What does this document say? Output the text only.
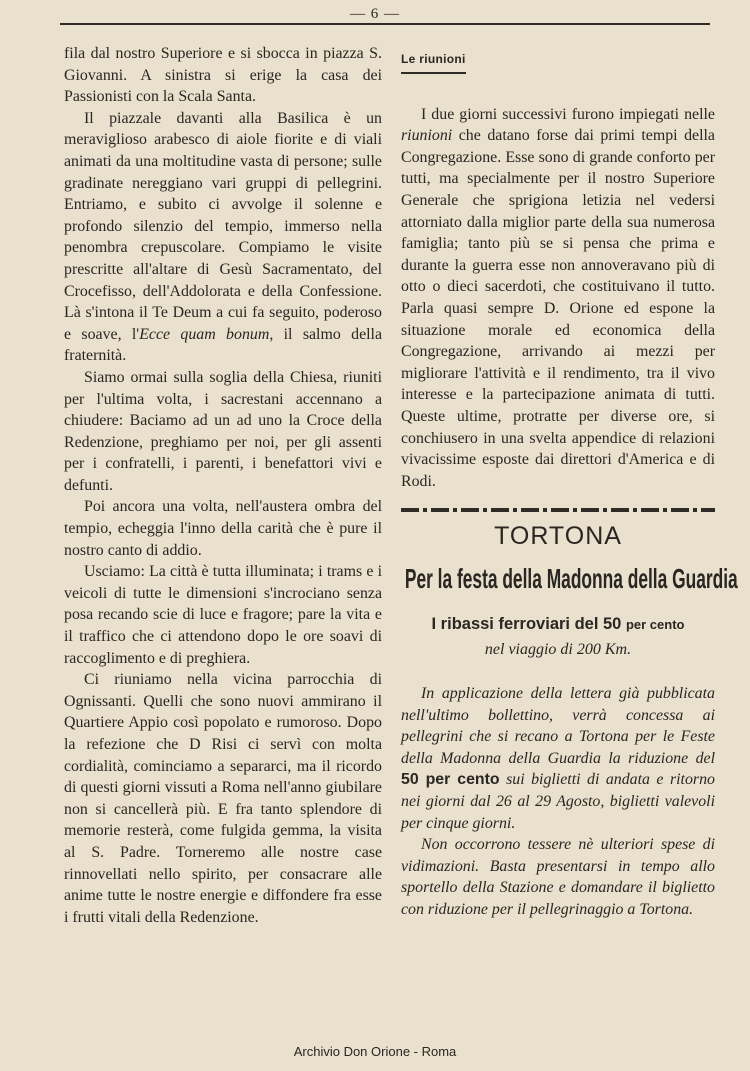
— 6 —

fila dal nostro Superiore e si sbocca in piazza S. Giovanni. A sinistra si erige la casa dei Passionisti con la Scala Santa.

Il piazzale davanti alla Basilica è un meraviglioso arabesco di aiole fiorite e di viali animati da una moltitudine vasta di persone; sulle gradinate nereggiano vari gruppi di pellegrini. Entriamo, e subito ci avvolge il solenne e profondo silenzio del tempio, immerso nella penombra crepuscolare. Compiamo le visite prescritte all'altare di Gesù Sacramentato, del Crocefisso, dell'Addolorata e della Confessione. Là s'intona il Te Deum a cui fa seguito, poderoso e soave, l'Ecce quam bonum, il salmo della fraternità.

Siamo ormai sulla soglia della Chiesa, riuniti per l'ultima volta, i sacrestani accennano a chiudere: Baciamo ad un ad uno la Croce della Redenzione, preghiamo per noi, per gli assenti per i confratelli, i parenti, i benefattori vivi e defunti.

Poi ancora una volta, nell'austera ombra del tempio, echeggia l'inno della carità che è pure il nostro canto di addio.

Usciamo: La città è tutta illuminata; i trams e i veicoli di tutte le dimensioni s'incrociano senza posa recando scie di luce e fragore; pare la vita e il traffico che ci attendono dopo le ore soavi di raccoglimento e di preghiera.

Ci riuniamo nella vicina parrocchia di Ognissanti. Quelli che sono nuovi ammirano il Quartiere Appio così popolato e rumoroso. Dopo la refezione che D Risi ci servì con molta cordialità, cominciamo a separarci, ma il ricordo di questi giorni vissuti a Roma nell'anno giubilare non si cancellerà più. E fra tanto splendore di memorie resterà, come fulgida gemma, la visita al S. Padre. Torneremo alle nostre case rinnovellati nello spirito, per consacrare alle anime tutte le nostre energie e diffondere fra esse i frutti vitali della Redenzione.

Le riunioni

I due giorni successivi furono impiegati nelle riunioni che datano forse dai primi tempi della Congregazione. Esse sono di grande conforto per tutti, ma specialmente per il nostro Superiore Generale che sprigiona letizia nel vedersi attorniato dalla miglior parte della sua numerosa famiglia; tanto più se si pensa che prima e durante la guerra esse non annoveravano più di otto o dieci sacerdoti, che costituivano il tutto. Parla quasi sempre D. Orione ed espone la situazione morale ed economica della Congregazione, arrivando ai mezzi per migliorare l'attività e il rendimento, tra il vivo interesse e la partecipazione animata di tutti. Queste ultime, protratte per diverse ore, si conchiusero in una svelta appendice di relazioni vivacissime esposte dai direttori d'America e di Rodi.

TORTONA
Per la festa della Madonna della Guardia
I ribassi ferroviari del 50 per cento
nel viaggio di 200 Km.

In applicazione della lettera già pubblicata nell'ultimo bollettino, verrà concessa ai pellegrini che si recano a Tortona per le Feste della Madonna della Guardia la riduzione del 50 per cento sui biglietti di andata e ritorno nei giorni dal 26 al 29 Agosto, biglietti valevoli per cinque giorni.

Non occorrono tessere nè ulteriori spese di vidimazioni. Basta presentarsi in tempo allo sportello della Stazione e domandare il biglietto con riduzione per il pellegrinaggio a Tortona.

Archivio Don Orione - Roma
